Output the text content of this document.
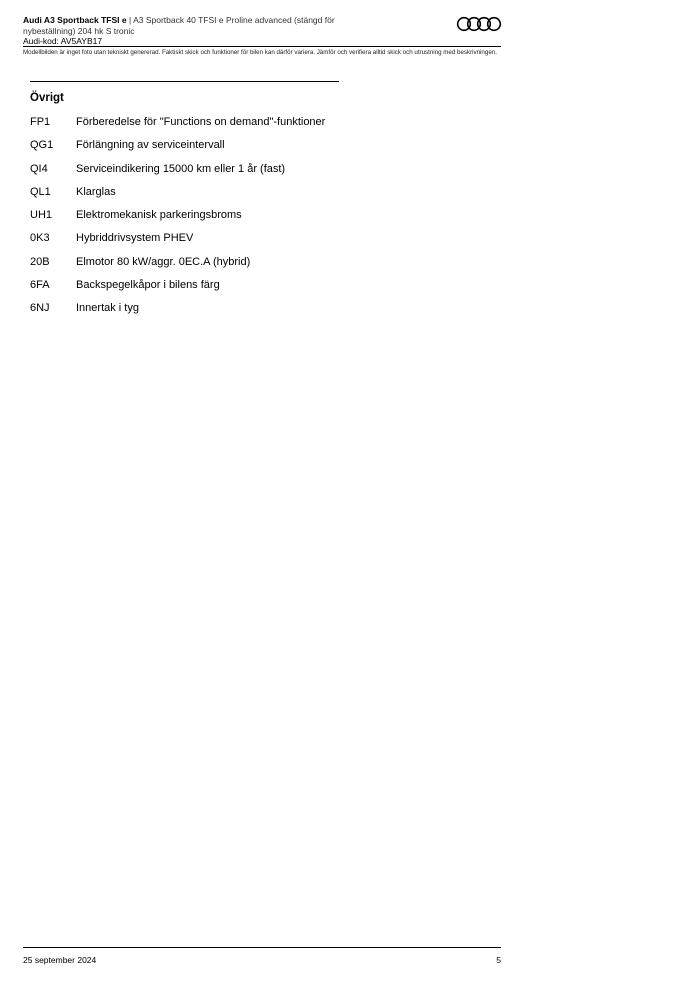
Audi A3 Sportback TFSI e | A3 Sportback 40 TFSI e Proline advanced (stängd för nybeställning) 204 hk S tronic
Audi-kod: AV5AYB17
Modellbilden är inget foto utan tekniskt genererad. Faktiskt skick och funktioner för bilen kan därför variera. Jämför och verifiera alltid skick och utrustning med beskrivningen.
Övrigt
FP1	Förberedelse för "Functions on demand"-funktioner
QG1	Förlängning av serviceintervall
QI4	Serviceindikering 15000 km eller 1 år (fast)
QL1	Klarglas
UH1	Elektromekanisk parkeringsbroms
0K3	Hybriddrivsystem PHEV
20B	Elmotor 80 kW/aggr. 0EC.A (hybrid)
6FA	Backspegelkåpor i bilens färg
6NJ	Innertak i tyg
25 september 2024	5
